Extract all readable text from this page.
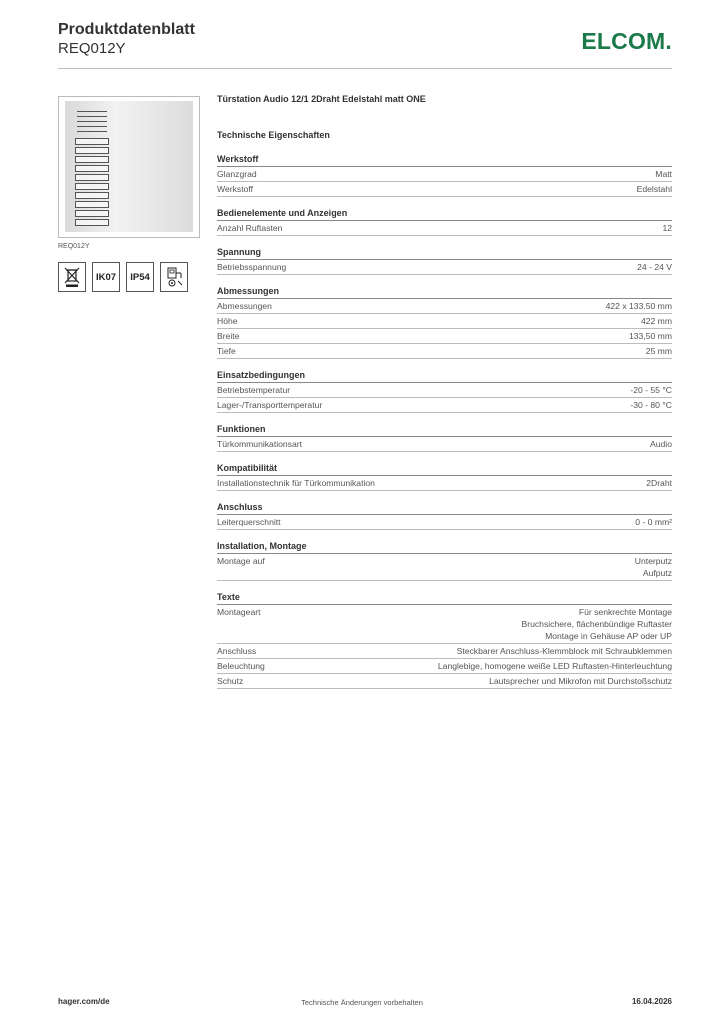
Produktdatenblatt
REQ012Y	ELCOM.
REQ012Y
IK07	IP54
Türstation Audio 12/1 2Draht Edelstahl matt ONE
Technische Eigenschaften
Werkstoff
Glanzgrad	Matt
Werkstoff	Edelstahl
Bedienelemente und Anzeigen
Anzahl Ruftasten	12
Spannung
Betriebsspannung	24 - 24 V
Abmessungen
Abmessungen	422 x 133.50 mm
Höhe	422 mm
Breite	133,50 mm
Tiefe	25 mm
Einsatzbedingungen
Betriebstemperatur	-20 - 55 °C
Lager-/Transporttemperatur	-30 - 80 °C
Funktionen
Türkommunikationsart	Audio
Kompatibilität
Installationstechnik für Türkommunikation	2Draht
Anschluss
Leiterquerschnitt	0 - 0 mm²
Installation, Montage
Montage auf	Unterputz
Aufputz
Texte
Montageart	Für senkrechte Montage
Bruchsichere, flächenbündige Ruftaster
Montage in Gehäuse AP oder UP
Anschluss	Steckbarer Anschluss-Klemmblock mit Schraubklemmen
Beleuchtung	Langlebige, homogene weiße LED Ruftasten-Hinterleuchtung
Schutz	Lautsprecher und Mikrofon mit Durchstoßschutz
hager.com/de	Technische Änderungen vorbehalten	16.04.2026
